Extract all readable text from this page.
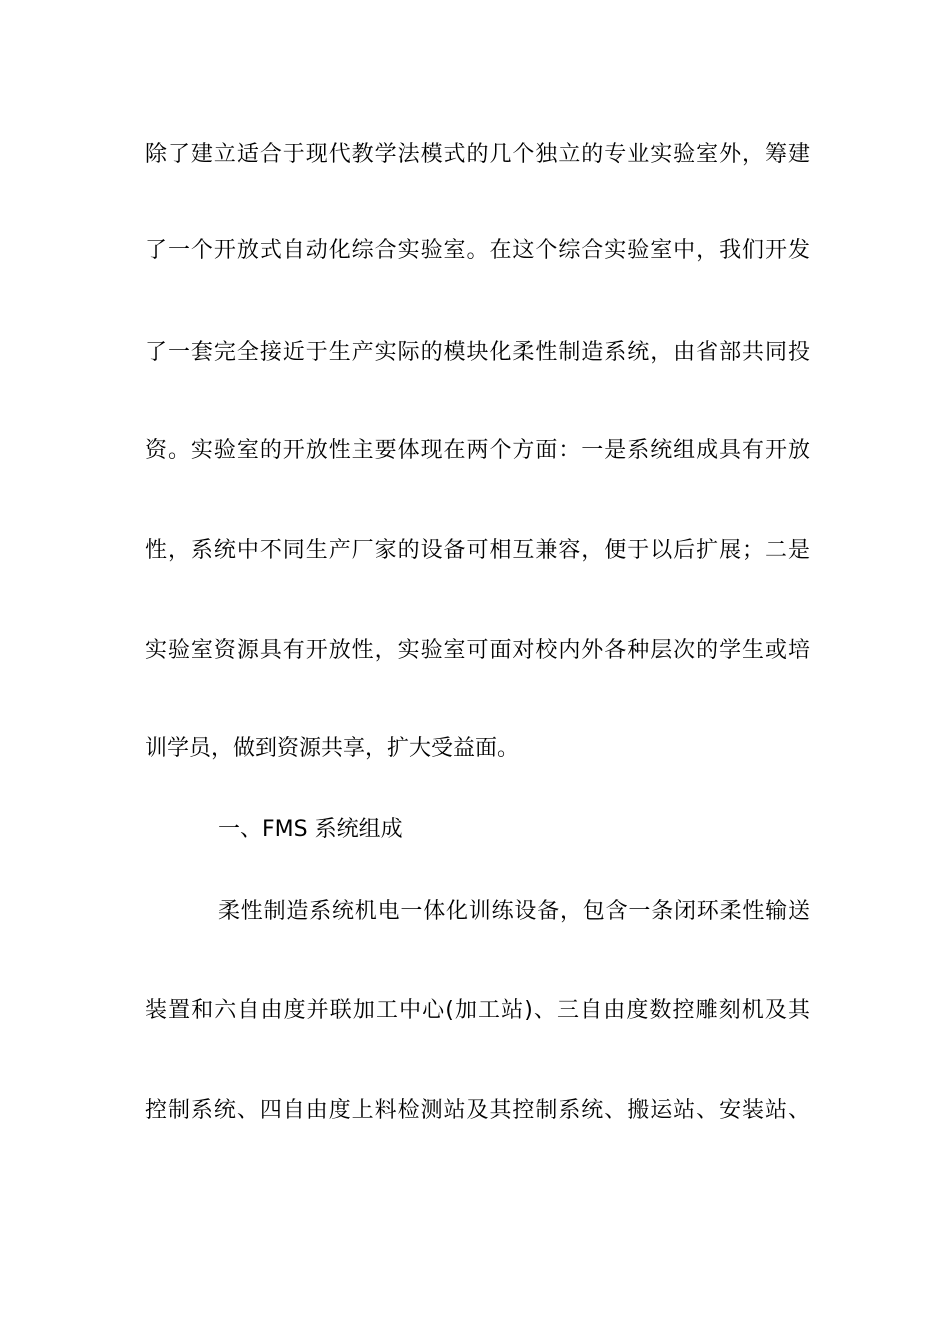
除了建立适合于现代教学法模式的几个独立的专业实验室外，筹建
了一个开放式自动化综合实验室。在这个综合实验室中，我们开发
了一套完全接近于生产实际的模块化柔性制造系统，由省部共同投
资。实验室的开放性主要体现在两个方面：一是系统组成具有开放
性，系统中不同生产厂家的设备可相互兼容，便于以后扩展；二是
实验室资源具有开放性，实验室可面对校内外各种层次的学生或培
训学员，做到资源共享，扩大受益面。
一、FMS 系统组成
柔性制造系统机电一体化训练设备，包含一条闭环柔性输送
装置和六自由度并联加工中心(加工站)、三自由度数控雕刻机及其
控制系统、四自由度上料检测站及其控制系统、搬运站、安装站、
